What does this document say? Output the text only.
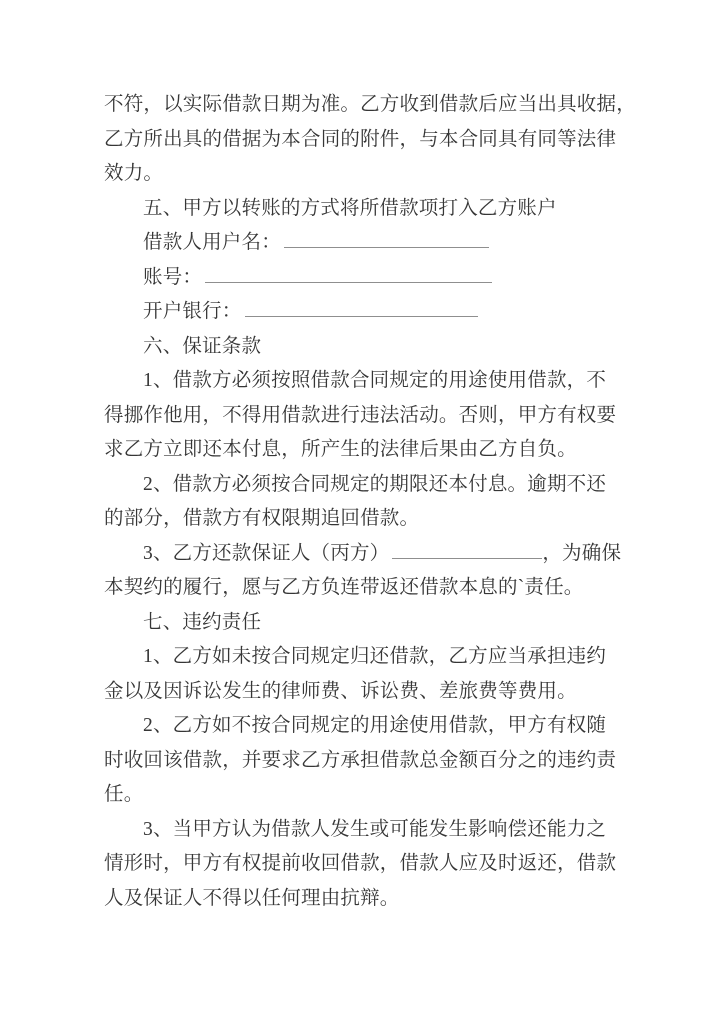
不符，以实际借款日期为准。乙方收到借款后应当出具收据，
乙方所出具的借据为本合同的附件，与本合同具有同等法律
效力。
五、甲方以转账的方式将所借款项打入乙方账户
借款人用户名：
账号：
开户银行：
六、保证条款
1、借款方必须按照借款合同规定的用途使用借款，不
得挪作他用，不得用借款进行违法活动。否则，甲方有权要
求乙方立即还本付息，所产生的法律后果由乙方自负。
2、借款方必须按合同规定的期限还本付息。逾期不还
的部分，借款方有权限期追回借款。
3、乙方还款保证人（丙方）	，为确保
本契约的履行，愿与乙方负连带返还借款本息的`责任。
七、违约责任
1、乙方如未按合同规定归还借款，乙方应当承担违约
金以及因诉讼发生的律师费、诉讼费、差旅费等费用。
2、乙方如不按合同规定的用途使用借款，甲方有权随
时收回该借款，并要求乙方承担借款总金额百分之的违约责
任。
3、当甲方认为借款人发生或可能发生影响偿还能力之
情形时，甲方有权提前收回借款，借款人应及时返还，借款
人及保证人不得以任何理由抗辩。
